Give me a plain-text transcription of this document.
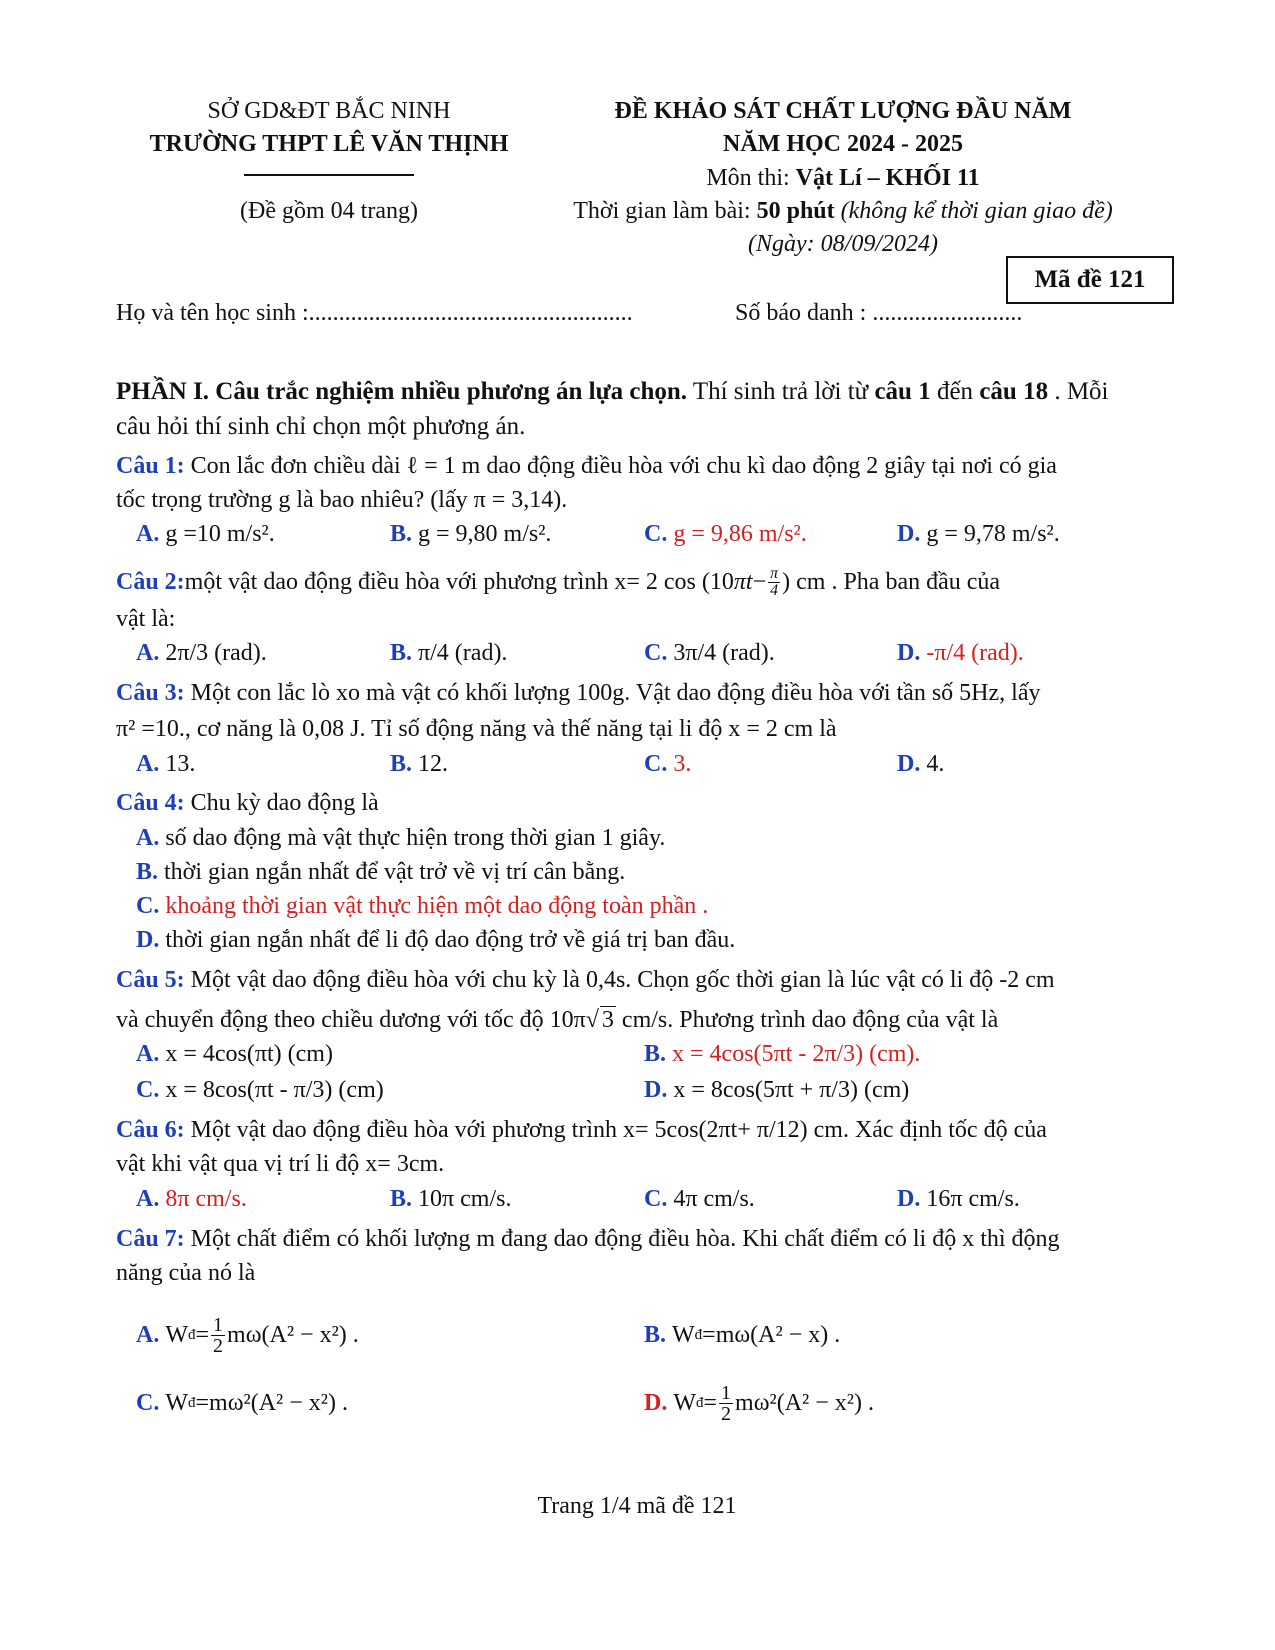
SỞ GD&ĐT BẮC NINH
TRƯỜNG THPT LÊ VĂN THỊNH
(Đề gồm 04 trang)
ĐỀ KHẢO SÁT CHẤT LƯỢNG ĐẦU NĂM
NĂM HỌC 2024 - 2025
Môn thi: Vật Lí – KHỐI 11
Thời gian làm bài: 50 phút (không kể thời gian giao đề)
(Ngày: 08/09/2024)
Mã đề 121
Họ và tên học sinh :......................................................	Số báo danh : .........................
PHẦN I. Câu trắc nghiệm nhiều phương án lựa chọn. Thí sinh trả lời từ câu 1 đến câu 18 . Mỗi
câu hỏi thí sinh chỉ chọn một phương án.
Câu 1: Con lắc đơn chiều dài ℓ = 1 m dao động điều hòa với chu kì dao động 2 giây tại nơi có gia
tốc trọng trường g là bao nhiêu? (lấy π = 3,14).
A. g =10 m/s².	B. g = 9,80 m/s².	C. g = 9,86 m/s².	D. g = 9,78 m/s².
Câu 2: một vật dao động điều hòa với phương trình x= 2 cos (10 $\pi t - \frac{\pi}{4}$ ) cm . Pha ban đầu của
vật là:
A. 2π/3 (rad).	B. π/4 (rad).	C. 3π/4 (rad).	D. -π/4 (rad).
Câu 3: Một con lắc lò xo mà vật có khối lượng 100g. Vật dao động điều hòa với tần số 5Hz, lấy
π² =10., cơ năng là 0,08 J. Tỉ số động năng và thế năng tại li độ x = 2 cm là
A. 13.	B. 12.	C. 3.	D. 4.
Câu 4: Chu kỳ dao động là
A. số dao động mà vật thực hiện trong thời gian 1 giây.
B. thời gian ngắn nhất để vật trở về vị trí cân bằng.
C. khoảng thời gian vật thực hiện một dao động toàn phần .
D. thời gian ngắn nhất để li độ dao động trở về giá trị ban đầu.
Câu 5: Một vật dao động điều hòa với chu kỳ là 0,4s. Chọn gốc thời gian là lúc vật có li độ -2 cm
và chuyển động theo chiều dương với tốc độ 10π√ 3 cm/s. Phương trình dao động của vật là
A. x = 4cos(πt) (cm)	B. x = 4cos(5πt - 2π/3) (cm).
C. x = 8cos(πt - π/3) (cm)	D. x = 8cos(5πt + π/3) (cm)
Câu 6: Một vật dao động điều hòa với phương trình x= 5cos(2πt+ π/12) cm. Xác định tốc độ của
vật khi vật qua vị trí li độ x= 3cm.
A. 8π cm/s.	B. 10π cm/s.	C. 4π cm/s.	D. 16π cm/s.
Câu 7: Một chất điểm có khối lượng m đang dao động điều hòa. Khi chất điểm có li độ x thì động
năng của nó là
A.
W đ = $\frac{1}{2} m\omega(A^2 - x^2)$ .	B.
W đ = mω(A² − x) .
C.
W đ = mω²(A² − x²) .	D.
W đ = $\frac{1}{2} m\omega^2(A^2 - x^2)$ .
Trang 1/4 mã đề 121
